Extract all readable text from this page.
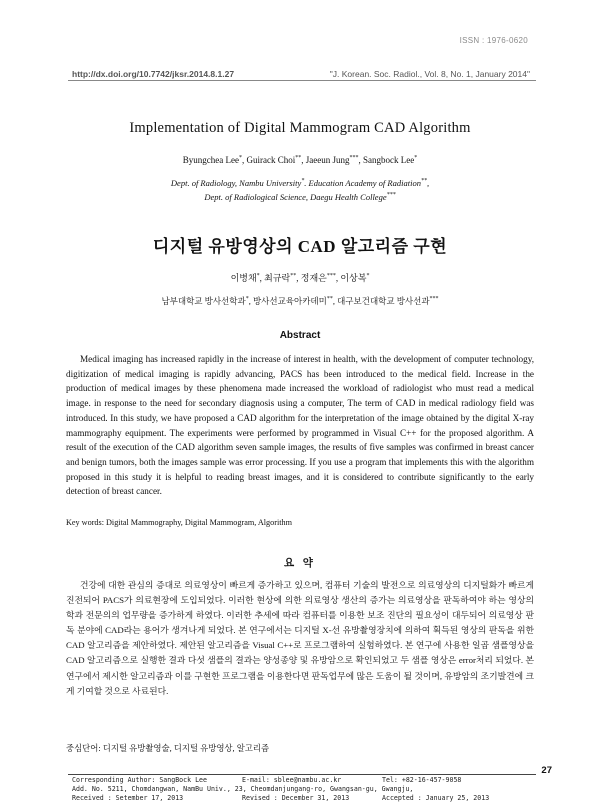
ISSN : 1976-0620
http://dx.doi.org/10.7742/jksr.2014.8.1.27	"J. Korean. Soc. Radiol., Vol. 8, No. 1, January 2014"
Implementation of Digital Mammogram CAD Algorithm
Byungchea Lee*, Guirack Choi**, Jaeeun Jung***, Sangbock Lee*
Dept. of Radiology, Nambu University*. Education Academy of Radiation**,
Dept. of Radiological Science, Daegu Health College***
디지털 유방영상의 CAD 알고리즘 구현
이병채*, 최규락**, 정재은***, 이상복*
남부대학교 방사선학과*, 방사선교육아카데미**, 대구보건대학교 방사선과***
Abstract

Medical imaging has increased rapidly in the increase of interest in health, with the development of computer technology, digitization of medical imaging is rapidly advancing, PACS has been introduced to the medical field. Increase in the production of medical images by these phenomena made increased the workload of radiologist who must read a medical image. in response to the need for secondary diagnosis using a computer, The term of CAD in medical radiology field was introduced. In this study, we have proposed a CAD algorithm for the interpretation of the image obtained by the digital X-ray mammography equipment. The experiments were performed by programmed in Visual C++ for the proposed algorithm. A result of the execution of the CAD algorithm seven sample images, the results of five samples was confirmed in breast cancer and benign tumors, both the images sample was error processing. If you use a program that implements this with the algorithm proposed in this study it is helpful to reading breast images, and it is considered to contribute significantly to the early detection of breast cancer.

Key words: Digital Mammography, Digital Mammogram, Algorithm
요 약

건강에 대한 관심의 증대로 의료영상이 빠르게 증가하고 있으며, 컴퓨터 기술의 발전으로 의료영상의 디지털화가 빠르게 진전되어 PACS가 의료현장에 도입되었다. 이러한 현상에 의한 의료영상 생산의 증가는 의료영상을 판독하여야 하는 영상의학과 전문의의 업무량을 증가하게 하였다. 이러한 추세에 따라 컴퓨터를 이용한 보조 진단의 필요성이 대두되어 의료영상 판독 분야에 CAD라는 용어가 생겨나게 되었다. 본 연구에서는 디지털 X-선 유방촬영장치에 의하여 획득된 영상의 판독을 위한 CAD 알고리즘을 제안하였다. 제안된 알고리즘을 Visual C++로 프로그램하여 실험하였다. 본 연구에 사용한 일곱 샘플영상을 CAD 알고리즘으로 실행한 결과 다섯 샘플의 결과는 양성종양 및 유방암으로 확인되었고 두 샘플 영상은 error처리 되었다. 본 연구에서 제시한 알고리즘과 이를 구현한 프로그램을 이용한다면 판독업무에 많은 도움이 될 것이며, 유방암의 조기발견에 크게 기여할 것으로 사료된다.

중심단어: 디지털 유방촬영술, 디지털 유방영상, 알고리즘
27
Corresponding Author: SangBock Lee	E-mail: sblee@nambu.ac.kr	Tel: +82-16-457-9058
Add. No. 5211, Chomdangwan, NamBu Univ., 23, Cheomdanjungang-ro, Gwangsan-gu, Gwangju,
Received : Setember 17, 2013	Revised : December 31, 2013	Accepted : January 25, 2013
